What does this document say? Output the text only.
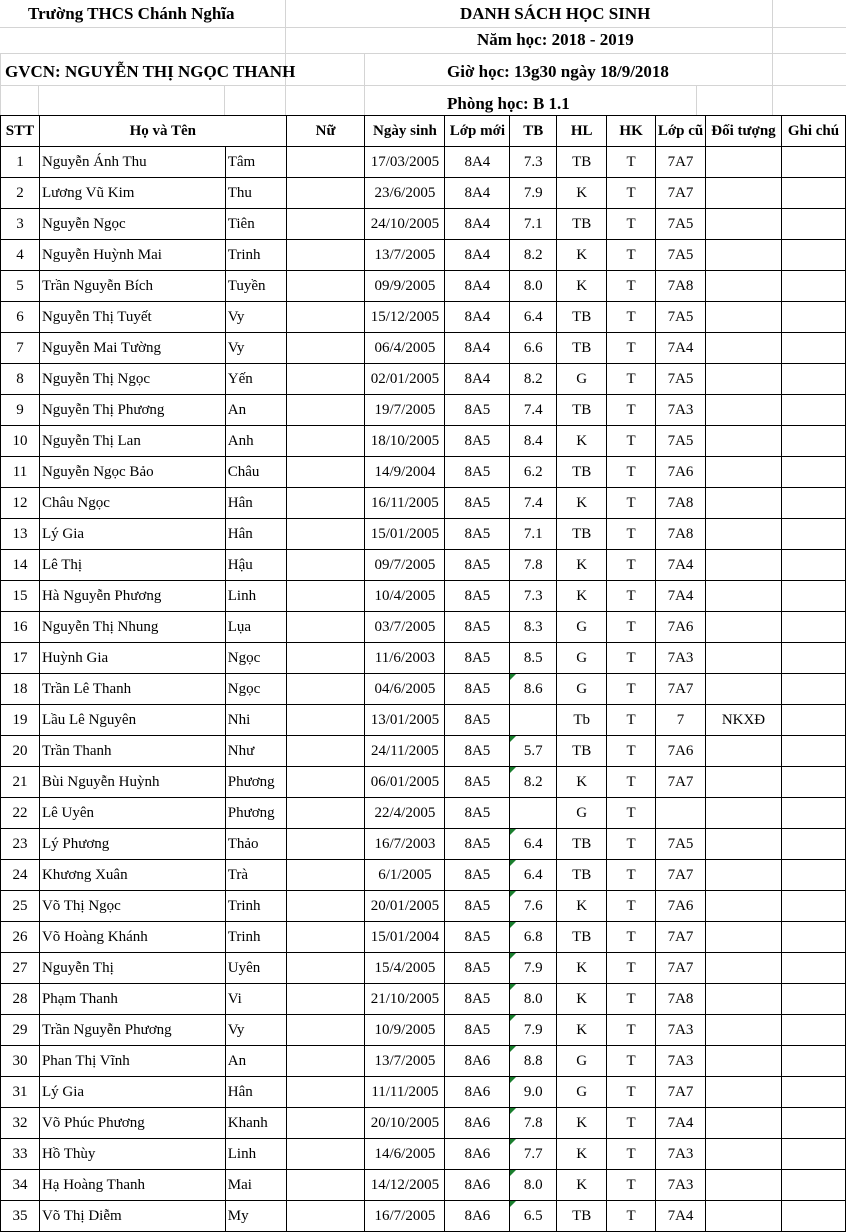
Trường THCS Chánh Nghĩa	DANH SÁCH HỌC SINH
Năm học: 2018 - 2019
GVCN: NGUYỄN THỊ NGỌC THANH	Giờ học: 13g30 ngày 18/9/2018
Phòng học: B 1.1
STT	Họ và Tên		Nữ	Ngày sinh	Lớp mới	TB	HL	HK	Lớp cũ	Đối tượng	Ghi chú
1	Nguyễn Ánh Thu	Tâm		17/03/2005	8A4	7.3	TB	T	7A7		
2	Lương Vũ Kim	Thu		23/6/2005	8A4	7.9	K	T	7A7		
3	Nguyễn Ngọc	Tiên		24/10/2005	8A4	7.1	TB	T	7A5		
4	Nguyễn Huỳnh Mai	Trinh		13/7/2005	8A4	8.2	K	T	7A5		
5	Trần Nguyễn Bích	Tuyền		09/9/2005	8A4	8.0	K	T	7A8		
6	Nguyễn Thị Tuyết	Vy		15/12/2005	8A4	6.4	TB	T	7A5		
7	Nguyễn Mai Tường	Vy		06/4/2005	8A4	6.6	TB	T	7A4		
8	Nguyễn Thị Ngọc	Yến		02/01/2005	8A4	8.2	G	T	7A5		
9	Nguyễn Thị Phương	An		19/7/2005	8A5	7.4	TB	T	7A3		
10	Nguyễn Thị Lan	Anh		18/10/2005	8A5	8.4	K	T	7A5		
11	Nguyễn Ngọc Bảo	Châu		14/9/2004	8A5	6.2	TB	T	7A6		
12	Châu Ngọc	Hân		16/11/2005	8A5	7.4	K	T	7A8		
13	Lý Gia	Hân		15/01/2005	8A5	7.1	TB	T	7A8		
14	Lê Thị	Hậu		09/7/2005	8A5	7.8	K	T	7A4		
15	Hà Nguyễn Phương	Linh		10/4/2005	8A5	7.3	K	T	7A4		
16	Nguyễn Thị Nhung	Lụa		03/7/2005	8A5	8.3	G	T	7A6		
17	Huỳnh Gia	Ngọc		11/6/2003	8A5	8.5	G	T	7A3		
18	Trần Lê Thanh	Ngọc		04/6/2005	8A5	8.6	G	T	7A7		
19	Lầu Lê Nguyên	Nhi		13/01/2005	8A5		Tb	T	7	NKXĐ	
20	Trần Thanh	Như		24/11/2005	8A5	5.7	TB	T	7A6		
21	Bùi Nguyễn Huỳnh	Phương		06/01/2005	8A5	8.2	K	T	7A7		
22	Lê Uyên	Phương		22/4/2005	8A5		G	T			
23	Lý Phương	Thảo		16/7/2003	8A5	6.4	TB	T	7A5		
24	Khương Xuân	Trà		6/1/2005	8A5	6.4	TB	T	7A7		
25	Võ Thị Ngọc	Trinh		20/01/2005	8A5	7.6	K	T	7A6		
26	Võ Hoàng Khánh	Trinh		15/01/2004	8A5	6.8	TB	T	7A7		
27	Nguyễn Thị	Uyên		15/4/2005	8A5	7.9	K	T	7A7		
28	Phạm Thanh	Vi		21/10/2005	8A5	8.0	K	T	7A8		
29	Trần Nguyễn Phương	Vy		10/9/2005	8A5	7.9	K	T	7A3		
30	Phan Thị Vĩnh	An		13/7/2005	8A6	8.8	G	T	7A3		
31	Lý Gia	Hân		11/11/2005	8A6	9.0	G	T	7A7		
32	Võ Phúc Phương	Khanh		20/10/2005	8A6	7.8	K	T	7A4		
33	Hồ Thùy	Linh		14/6/2005	8A6	7.7	K	T	7A3		
34	Hạ Hoàng Thanh	Mai		14/12/2005	8A6	8.0	K	T	7A3		
35	Võ Thị Diễm	My		16/7/2005	8A6	6.5	TB	T	7A4		
